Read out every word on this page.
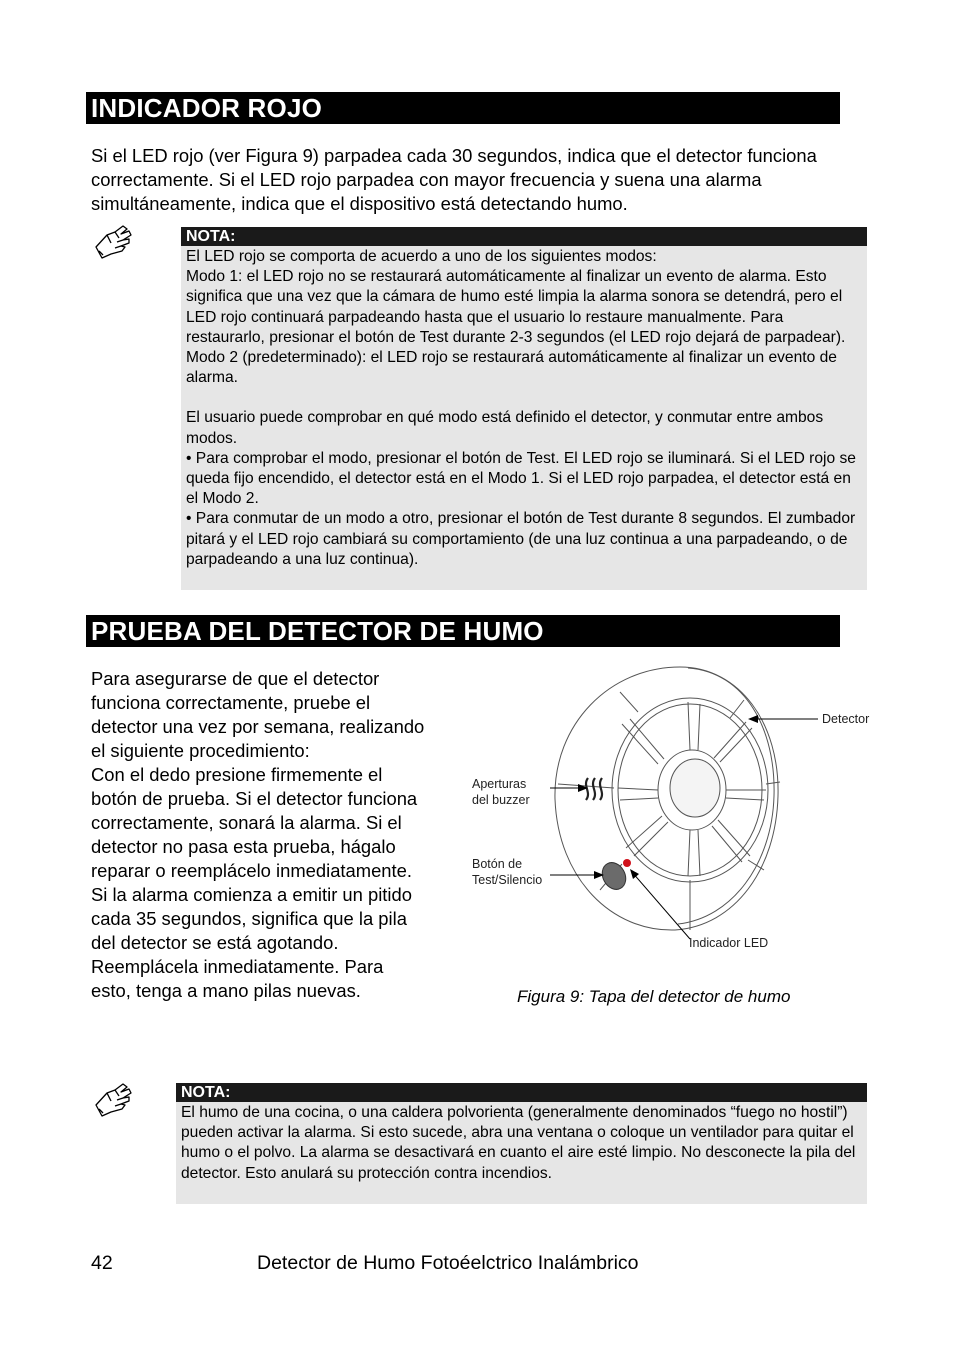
INDICADOR ROJO
Si el LED rojo (ver Figura 9) parpadea cada 30 segundos, indica que el detector funciona correctamente. Si el LED rojo parpadea con mayor frecuencia y suena una alarma simultáneamente, indica que el dispositivo está detectando humo.
NOTA:

El LED rojo se comporta de acuerdo a uno de los siguientes modos:

Modo 1: el LED rojo no se restaurará automáticamente al finalizar un evento de alarma. Esto significa que una vez que la cámara de humo esté limpia la alarma sonora se detendrá, pero el LED rojo continuará parpadeando hasta que el usuario lo restaure manualmente. Para restaurarlo, presionar el botón de Test durante 2-3 segundos (el LED rojo dejará de parpadear).

Modo 2 (predeterminado): el LED rojo se restaurará automáticamente al finalizar un evento de alarma.

El usuario puede comprobar en qué modo está definido el detector, y conmutar entre ambos modos.

• Para comprobar el modo, presionar el botón de Test. El LED rojo se iluminará. Si el LED rojo se queda fijo encendido, el detector está en el Modo 1. Si el LED rojo parpadea, el detector está en el Modo 2.

• Para conmutar de un modo a otro, presionar el botón de Test durante 8 segundos. El zumbador pitará y el LED rojo cambiará su comportamiento (de una luz continua a una parpadeando, o de parpadeando a una luz continua).

PRUEBA DEL DETECTOR DE HUMO
Para asegurarse de que el detector funciona correctamente, pruebe el detector una vez por semana, realizando el siguiente procedimiento:
Con el dedo presione firmemente el botón de prueba. Si el detector funciona correctamente, sonará la alarma. Si el detector no pasa esta prueba, hágalo reparar o reemplácelo inmediatamente.
Si la alarma comienza a emitir un pitido cada 35 segundos, significa que la pila del detector se está agotando. Reemplácela inmediatamente. Para esto, tenga a mano pilas nuevas.
Detector
Aperturas
del buzzer
Botón de
Test/Silencio
Indicador LED
Figura 9: Tapa del detector de humo
NOTA:

El humo de una cocina, o una caldera polvorienta (generalmente denominados “fuego no hostil”) pueden activar la alarma. Si esto sucede, abra una ventana o coloque un ventilador para quitar el humo o el polvo. La alarma se desactivará en cuanto el aire esté limpio. No desconecte la pila del detector. Esto anulará su protección contra incendios.

42	Detector de Humo Fotoéelctrico Inalámbrico
